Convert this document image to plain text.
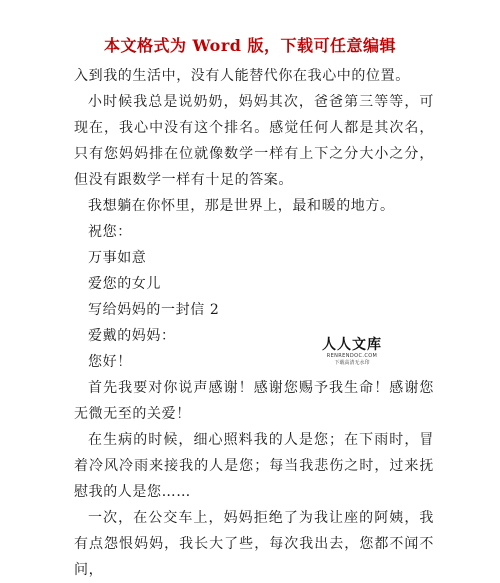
本文格式为 Word 版，下载可任意编辑

入到我的生活中，没有人能替代你在我心中的位置。

小时候我总是说奶奶，妈妈其次，爸爸第三等等，可现在，我心中没有这个排名。感觉任何人都是其次名，只有您妈妈排在位就像数学一样有上下之分大小之分，但没有跟数学一样有十足的答案。

我想躺在你怀里，那是世界上，最和暖的地方。

祝您：

万事如意

爱您的女儿

写给妈妈的一封信 2

爱戴的妈妈：

您好！

首先我要对你说声感谢！感谢您赐予我生命！感谢您无微无至的关爱！

在生病的时候，细心照料我的人是您；在下雨时，冒着冷风冷雨来接我的人是您；每当我悲伤之时，过来抚慰我的人是您……

一次，在公交车上，妈妈拒绝了为我让座的阿姨，我有点怨恨妈妈，我长大了些，每次我出去，您都不闻不问，

人人文库
RENRENDOC.COM
下载高清无水印
